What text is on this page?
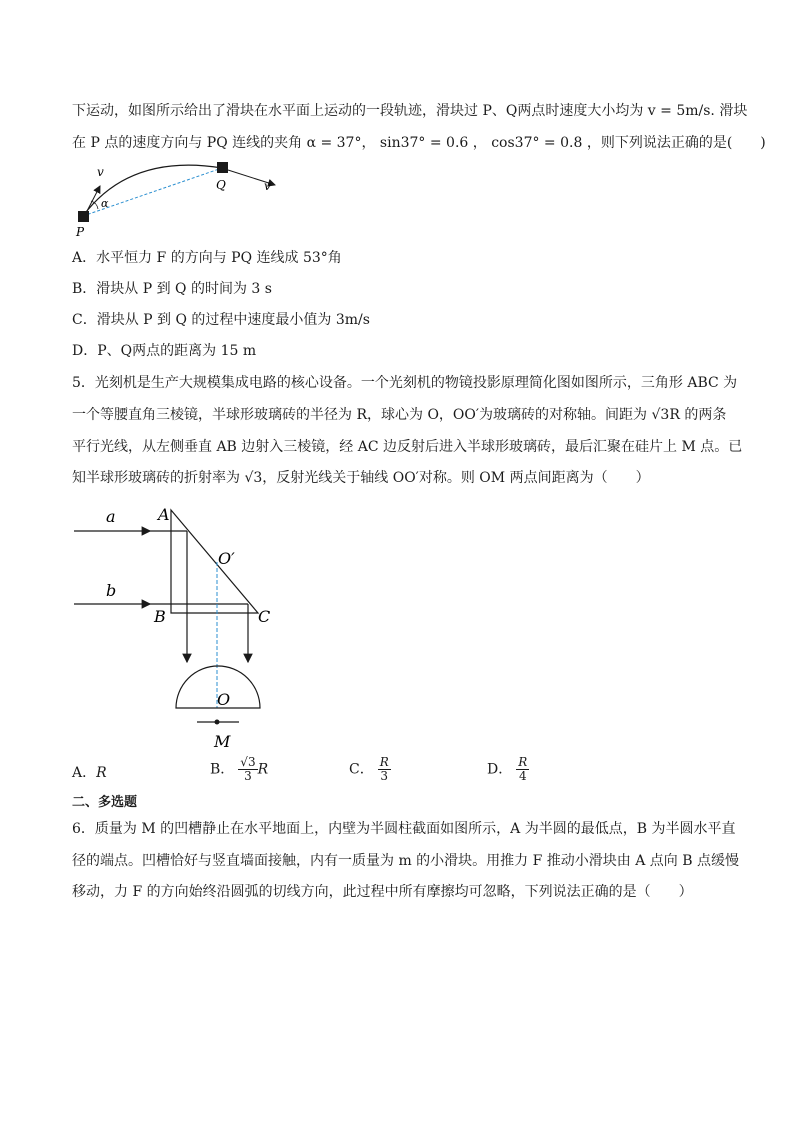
下运动，如图所示给出了滑块在水平面上运动的一段轨迹，滑块过 P、Q两点时速度大小均为 v = 5m/s. 滑块
在 P 点的速度方向与 PQ 连线的夹角 α = 37°， sin37° = 0.6 ， cos37° = 0.8 ，则下列说法正确的是(　　)
v
α
Q	v
P
A．水平恒力 F 的方向与 PQ 连线成 53°角
B．滑块从 P 到 Q 的时间为 3 s
C．滑块从 P 到 Q 的过程中速度最小值为 3m/s
D．P、Q两点的距离为 15 m
5．光刻机是生产大规模集成电路的核心设备。一个光刻机的物镜投影原理简化图如图所示，三角形 ABC 为
一个等腰直角三棱镜，半球形玻璃砖的半径为 R，球心为 O，OO′为玻璃砖的对称轴。间距为 √3R 的两条
平行光线，从左侧垂直 AB 边射入三棱镜，经 AC 边反射后进入半球形玻璃砖，最后汇聚在硅片上 M 点。已
知半球形玻璃砖的折射率为 √3，反射光线关于轴线 OO′对称。则 OM 两点间距离为（　　）
a	A
O′
b
B	C
O
M
A．R	B． $\frac{√3}{3}$ R	C． $\frac{R}{3}$	D． $\frac{R}{4}$
二、多选题
6．质量为 M 的凹槽静止在水平地面上，内壁为半圆柱截面如图所示，A 为半圆的最低点，B 为半圆水平直
径的端点。凹槽恰好与竖直墙面接触，内有一质量为 m 的小滑块。用推力 F 推动小滑块由 A 点向 B 点缓慢
移动，力 F 的方向始终沿圆弧的切线方向，此过程中所有摩擦均可忽略，下列说法正确的是（　　）
